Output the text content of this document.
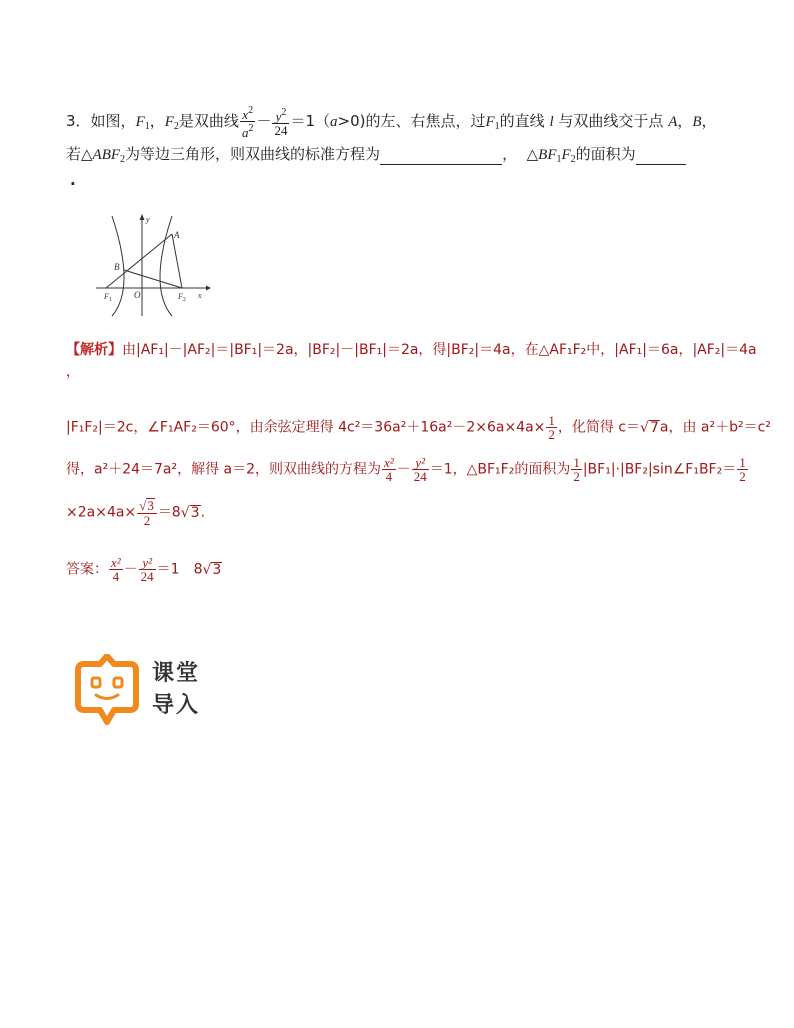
3．如图，$F_1$，$F_2$是双曲线 $\frac{x^2}{a^2} - \frac{y^2}{24} =1(a>0)$的左、右焦点，过$F_1$的直线 l 与双曲线交于点 A，B，
若$\triangle ABF_2$为等边三角形，则双曲线的标准方程为	， $\triangle BF_1F_2$的面积为
.
y
x
A
B
O
$F_1$	$F_2$
【解析】由|AF₁|－|AF₂|＝|BF₁|＝2a，|BF₂|－|BF₁|＝2a，得|BF₂|＝4a，在△AF₁F₂中，|AF₁|＝6a，|AF₂|＝4a
，
|F₁F₂|＝2c，∠F₁AF₂＝60°，由余弦定理得 $4c^2=36a^2+16a^2-2\times 6a\times 4a\times \frac{1}{2}$ ，化简得 c＝√7a，由 a²＋b²＝c²
得，a²＋24＝7a²，解得 a＝2，则双曲线的方程为 $\frac{\text{x²}}{4} - \frac{\text{y²}}{24} =1$，△BF₁F₂的面积为 $\frac{1}{2}$ |BF₁|·|BF₂|sin∠F₁BF₂＝ $\frac{1}{2}$
$\times 2a\times 4a\times \frac{√3}{2} =8√3$.
答案： $\frac{\text{x²}}{4} - \frac{\text{y²}}{24} =1$　8√3
课堂
导入
